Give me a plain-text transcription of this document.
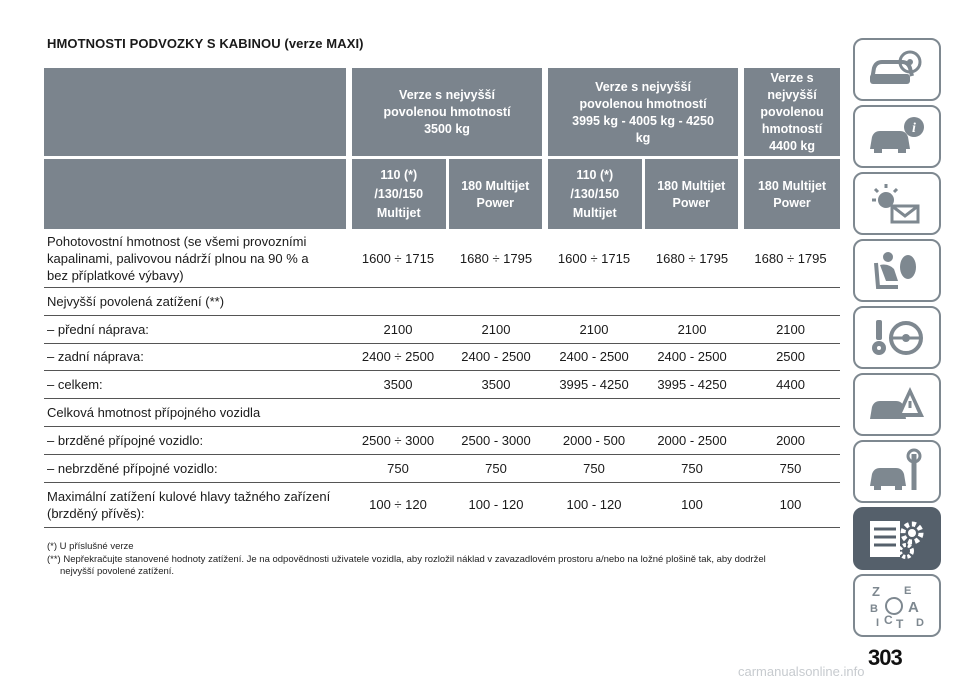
HMOTNOSTI PODVOZKY S KABINOU (verze MAXI)

	Verze s nejvyšší
povolenou hmotností
3500 kg		Verze s nejvyšší
povolenou hmotností
3995 kg - 4005 kg - 4250
kg		Verze s
nejvyšší
povolenou
hmotností
4400 kg

	110 (*)
/130/150
Multijet	180 Multijet
Power	110 (*)
/130/150
Multijet	180 Multijet
Power	180 Multijet
Power

Pohotovostní hmotnost (se všemi provozními
kapalinami, palivovou nádrží plnou na 90 % a
bez příplatkové výbavy)	1600 ÷ 1715	1680 ÷ 1795	1600 ÷ 1715	1680 ÷ 1795	1680 ÷ 1795
Nejvyšší povolená zatížení (**)					
– přední náprava:	2100	2100	2100	2100	2100
– zadní náprava:	2400 ÷ 2500	2400 - 2500	2400 - 2500	2400 - 2500	2500
– celkem:	3500	3500	3995 - 4250	3995 - 4250	4400
Celková hmotnost přípojného vozidla					
– brzděné přípojné vozidlo:	2500 ÷ 3000	2500 - 3000	2000 - 500	2000 - 2500	2000
– nebrzděné přípojné vozidlo:	750	750	750	750	750
Maximální zatížení kulové hlavy tažného zařízení
(brzděný přívěs):	100 ÷ 120	100 - 120	100 - 120	100	100
(*) U příslušné verze
(**) Nepřekračujte stanovené hodnoty zatížení. Je na odpovědnosti uživatele vozidla, aby rozložil náklad v zavazadlovém prostoru a/nebo na ložné plošině tak, aby dodržel
nejvyšší povolené zatížení.
i
Z E
B A
I C T D
303
carmanualsonline.info
